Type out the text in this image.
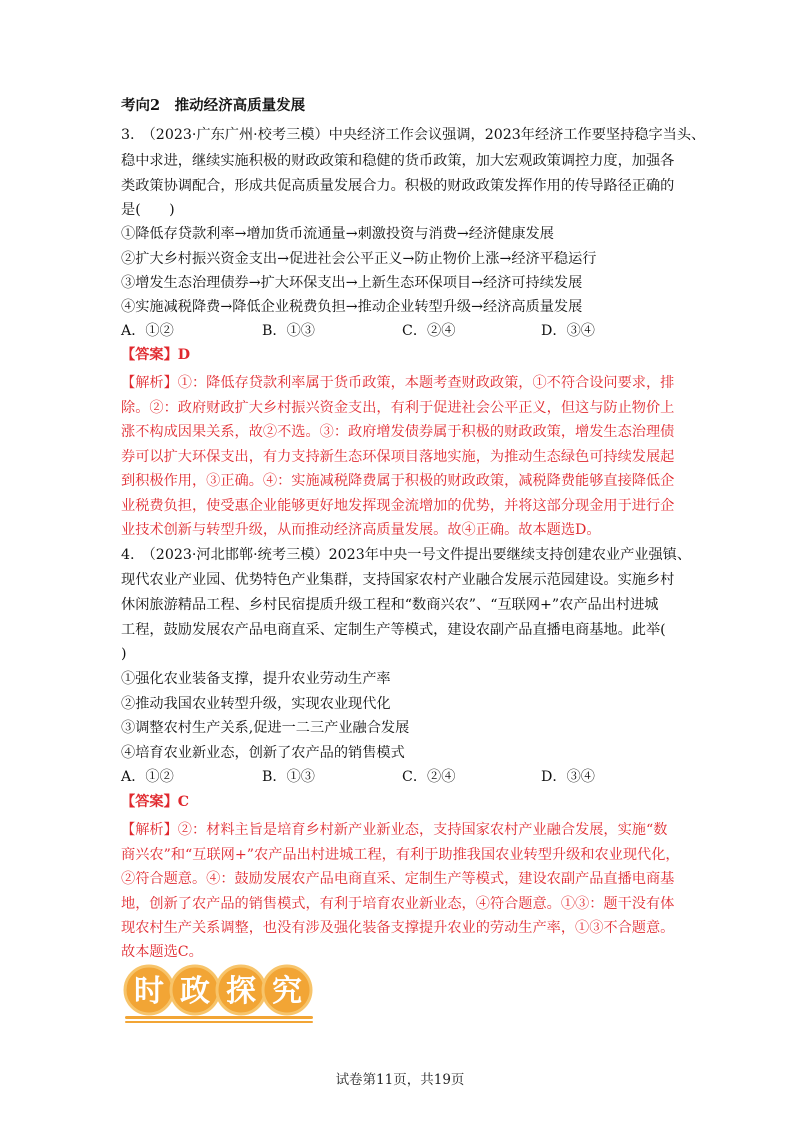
考向2　推动经济高质量发展
3.　（2023·广东广州·校考三模）中央经济工作会议强调，2023年经济工作要坚持稳字当头、
稳中求进，继续实施积极的财政政策和稳健的货币政策，加大宏观政策调控力度，加强各
类政策协调配合，形成共促高质量发展合力。积极的财政政策发挥作用的传导路径正确的
是(　　)
①降低存贷款利率→增加货币流通量→刺激投资与消费→经济健康发展
②扩大乡村振兴资金支出→促进社会公平正义→防止物价上涨→经济平稳运行
③增发生态治理债券→扩大环保支出→上新生态环保项目→经济可持续发展
④实施减税降费→降低企业税费负担→推动企业转型升级→经济高质量发展
A．①②	B．①③	C．②④	D．③④
【答案】D
【解析】①：降低存贷款利率属于货币政策，本题考查财政政策，①不符合设问要求，排
除。②：政府财政扩大乡村振兴资金支出，有利于促进社会公平正义，但这与防止物价上
涨不构成因果关系，故②不选。③：政府增发债券属于积极的财政政策，增发生态治理债
券可以扩大环保支出，有力支持新生态环保项目落地实施，为推动生态绿色可持续发展起
到积极作用，③正确。④：实施减税降费属于积极的财政政策，减税降费能够直接降低企
业税费负担，使受惠企业能够更好地发挥现金流增加的优势，并将这部分现金用于进行企
业技术创新与转型升级，从而推动经济高质量发展。故④正确。故本题选D。
4.　（2023·河北邯郸·统考三模）2023年中央一号文件提出要继续支持创建农业产业强镇、
现代农业产业园、优势特色产业集群，支持国家农村产业融合发展示范园建设。实施乡村
休闲旅游精品工程、乡村民宿提质升级工程和“数商兴农”、“互联网+”农产品出村进城
工程，鼓励发展农产品电商直采、定制生产等模式，建设农副产品直播电商基地。此举(
)
①强化农业装备支撑，提升农业劳动生产率
②推动我国农业转型升级，实现农业现代化
③调整农村生产关系,促进一二三产业融合发展
④培育农业新业态，创新了农产品的销售模式
A．①②	B．①③	C．②④	D．③④
【答案】C
【解析】②：材料主旨是培育乡村新产业新业态，支持国家农村产业融合发展，实施“数
商兴农”和“互联网+”农产品出村进城工程，有利于助推我国农业转型升级和农业现代化，
②符合题意。④：鼓励发展农产品电商直采、定制生产等模式，建设农副产品直播电商基
地，创新了农产品的销售模式，有利于培育农业新业态，④符合题意。①③：题干没有体
现农村生产关系调整，也没有涉及强化装备支撑提升农业的劳动生产率，①③不合题意。
故本题选C。
时 政 探 究
试卷第11页，共19页
